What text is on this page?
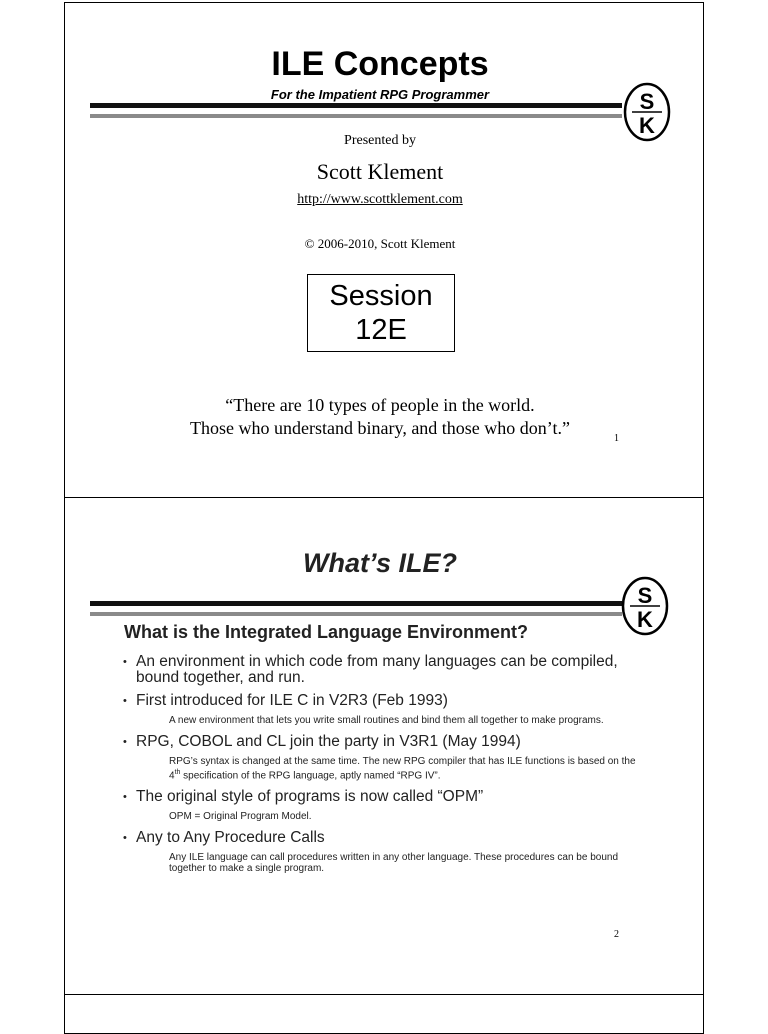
ILE Concepts
For the Impatient RPG Programmer	S
K
Presented by
Scott Klement
http://www.scottklement.com
© 2006-2010, Scott Klement
Session
12E
“There are 10 types of people in the world.
Those who understand binary, and those who don’t.”
1
What’s ILE?
S
K
What is the Integrated Language Environment?
• An environment in which code from many languages can be compiled, bound together, and run.
• First introduced for ILE C in V2R3 (Feb 1993)
A new environment that lets you write small routines and bind them all together to make programs.
• RPG, COBOL and CL join the party in V3R1 (May 1994)
RPG’s syntax is changed at the same time. The new RPG compiler that has ILE functions is based on the 4th specification of the RPG language, aptly named “RPG IV”.
• The original style of programs is now called “OPM”
OPM = Original Program Model.
• Any to Any Procedure Calls
Any ILE language can call procedures written in any other language. These procedures can be bound together to make a single program.
2
